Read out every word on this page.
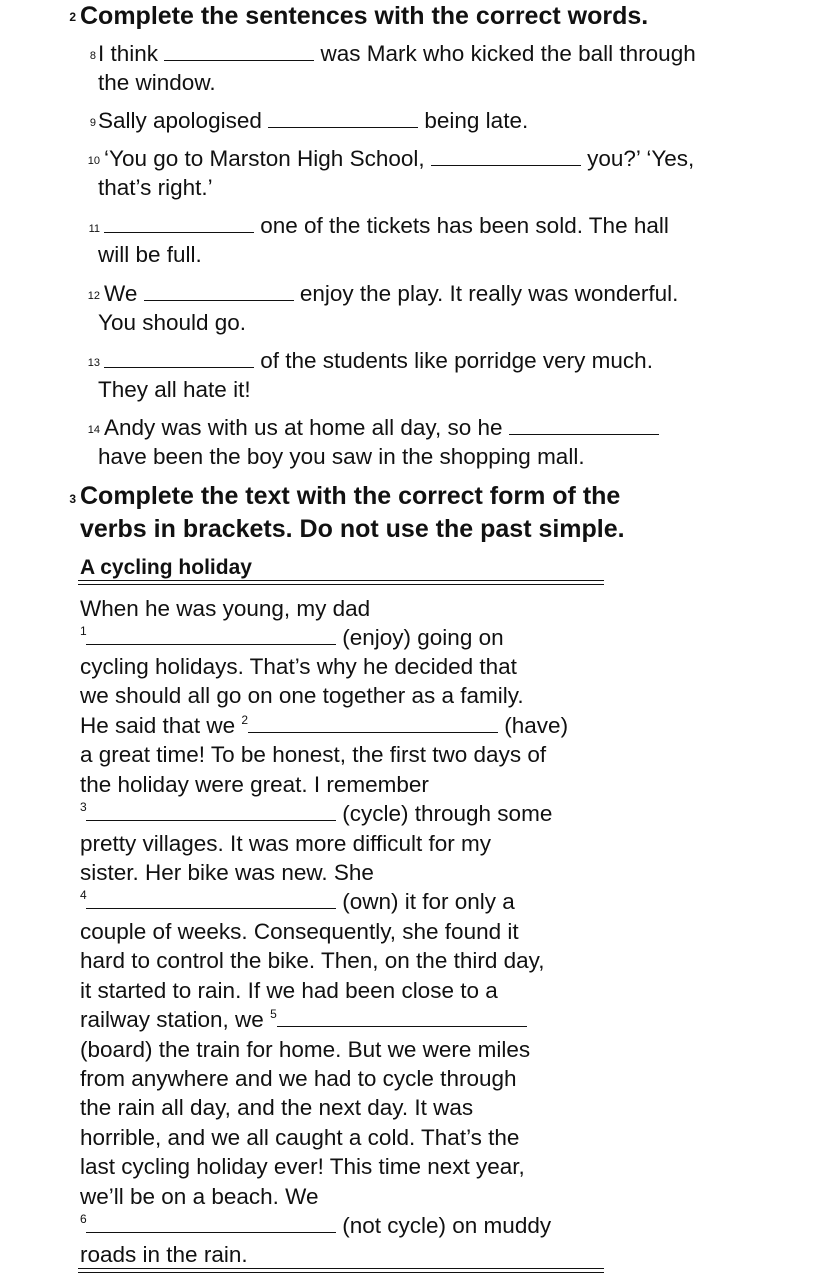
2 Complete the sentences with the correct words.
8 I think	was Mark who kicked the ball through
the window.
9 Sally apologised	being late.
10 ‘You go to Marston High School,	you?’ ‘Yes,
that’s right.’
11	one of the tickets has been sold. The hall
will be full.
12 We	enjoy the play. It really was wonderful.
You should go.
13	of the students like porridge very much.
They all hate it!
14 Andy was with us at home all day, so he
have been the boy you saw in the shopping mall.
3 Complete the text with the correct form of the
verbs in brackets. Do not use the past simple.
A cycling holiday
When he was young, my dad
1	(enjoy) going on
cycling holidays. That’s why he decided that
we should all go on one together as a family.
He said that we $^2$	(have)
a great time! To be honest, the first two days of
the holiday were great. I remember
3	(cycle) through some
pretty villages. It was more difficult for my
sister. Her bike was new. She
4	(own) it for only a
couple of weeks. Consequently, she found it
hard to control the bike. Then, on the third day,
it started to rain. If we had been close to a
railway station, we $^5$
(board) the train for home. But we were miles
from anywhere and we had to cycle through
the rain all day, and the next day. It was
horrible, and we all caught a cold. That’s the
last cycling holiday ever! This time next year,
we’ll be on a beach. We
6	(not cycle) on muddy
roads in the rain.
